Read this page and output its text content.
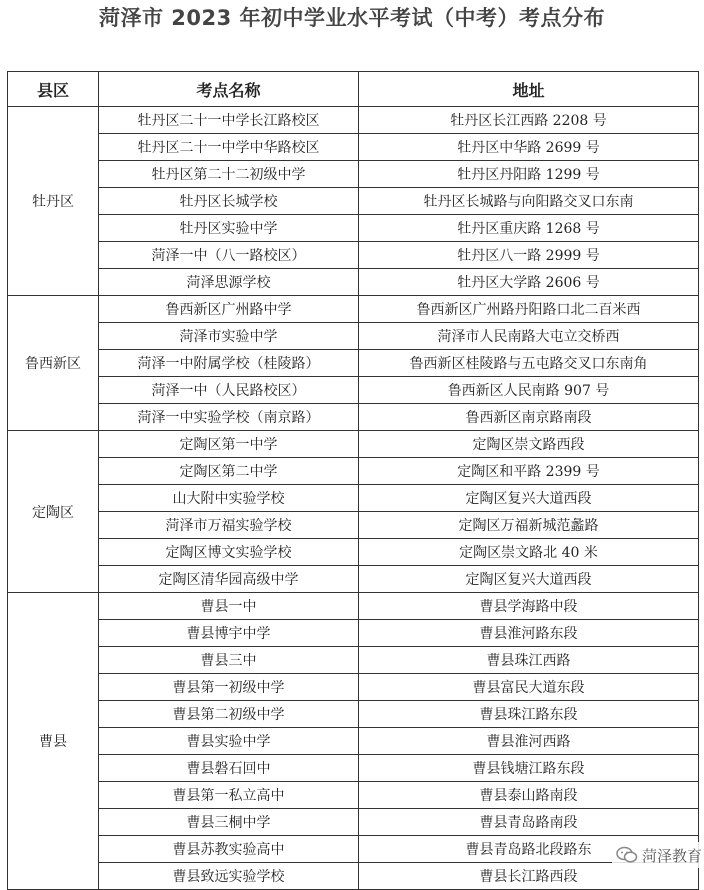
菏泽市 2023 年初中学业水平考试（中考）考点分布
县区	考点名称	地址
牡丹区	牡丹区二十一中学长江路校区	牡丹区长江西路 2208 号
	牡丹区二十一中学中华路校区	牡丹区中华路 2699 号
	牡丹区第二十二初级中学	牡丹区丹阳路 1299 号
	牡丹区长城学校	牡丹区长城路与向阳路交叉口东南
	牡丹区实验中学	牡丹区重庆路 1268 号
	菏泽一中（八一路校区）	牡丹区八一路 2999 号
	菏泽思源学校	牡丹区大学路 2606 号
鲁西新区	鲁西新区广州路中学	鲁西新区广州路丹阳路口北二百米西
	菏泽市实验中学	菏泽市人民南路大屯立交桥西
	菏泽一中附属学校（桂陵路）	鲁西新区桂陵路与五屯路交叉口东南角
	菏泽一中（人民路校区）	鲁西新区人民南路 907 号
	菏泽一中实验学校（南京路）	鲁西新区南京路南段
定陶区	定陶区第一中学	定陶区崇文路西段
	定陶区第二中学	定陶区和平路 2399 号
	山大附中实验学校	定陶区复兴大道西段
	菏泽市万福实验学校	定陶区万福新城范蠡路
	定陶区博文实验学校	定陶区崇文路北 40 米
	定陶区清华园高级中学	定陶区复兴大道西段
曹县	曹县一中	曹县学海路中段
	曹县博宇中学	曹县淮河路东段
	曹县三中	曹县珠江西路
	曹县第一初级中学	曹县富民大道东段
	曹县第二初级中学	曹县珠江路东段
	曹县实验中学	曹县淮河西路
	曹县磐石回中	曹县钱塘江路东段
	曹县第一私立高中	曹县泰山路南段
	曹县三桐中学	曹县青岛路南段
	曹县苏教实验高中	曹县青岛路北段路东
	曹县致远实验学校	曹县长江路西段
菏泽教育
